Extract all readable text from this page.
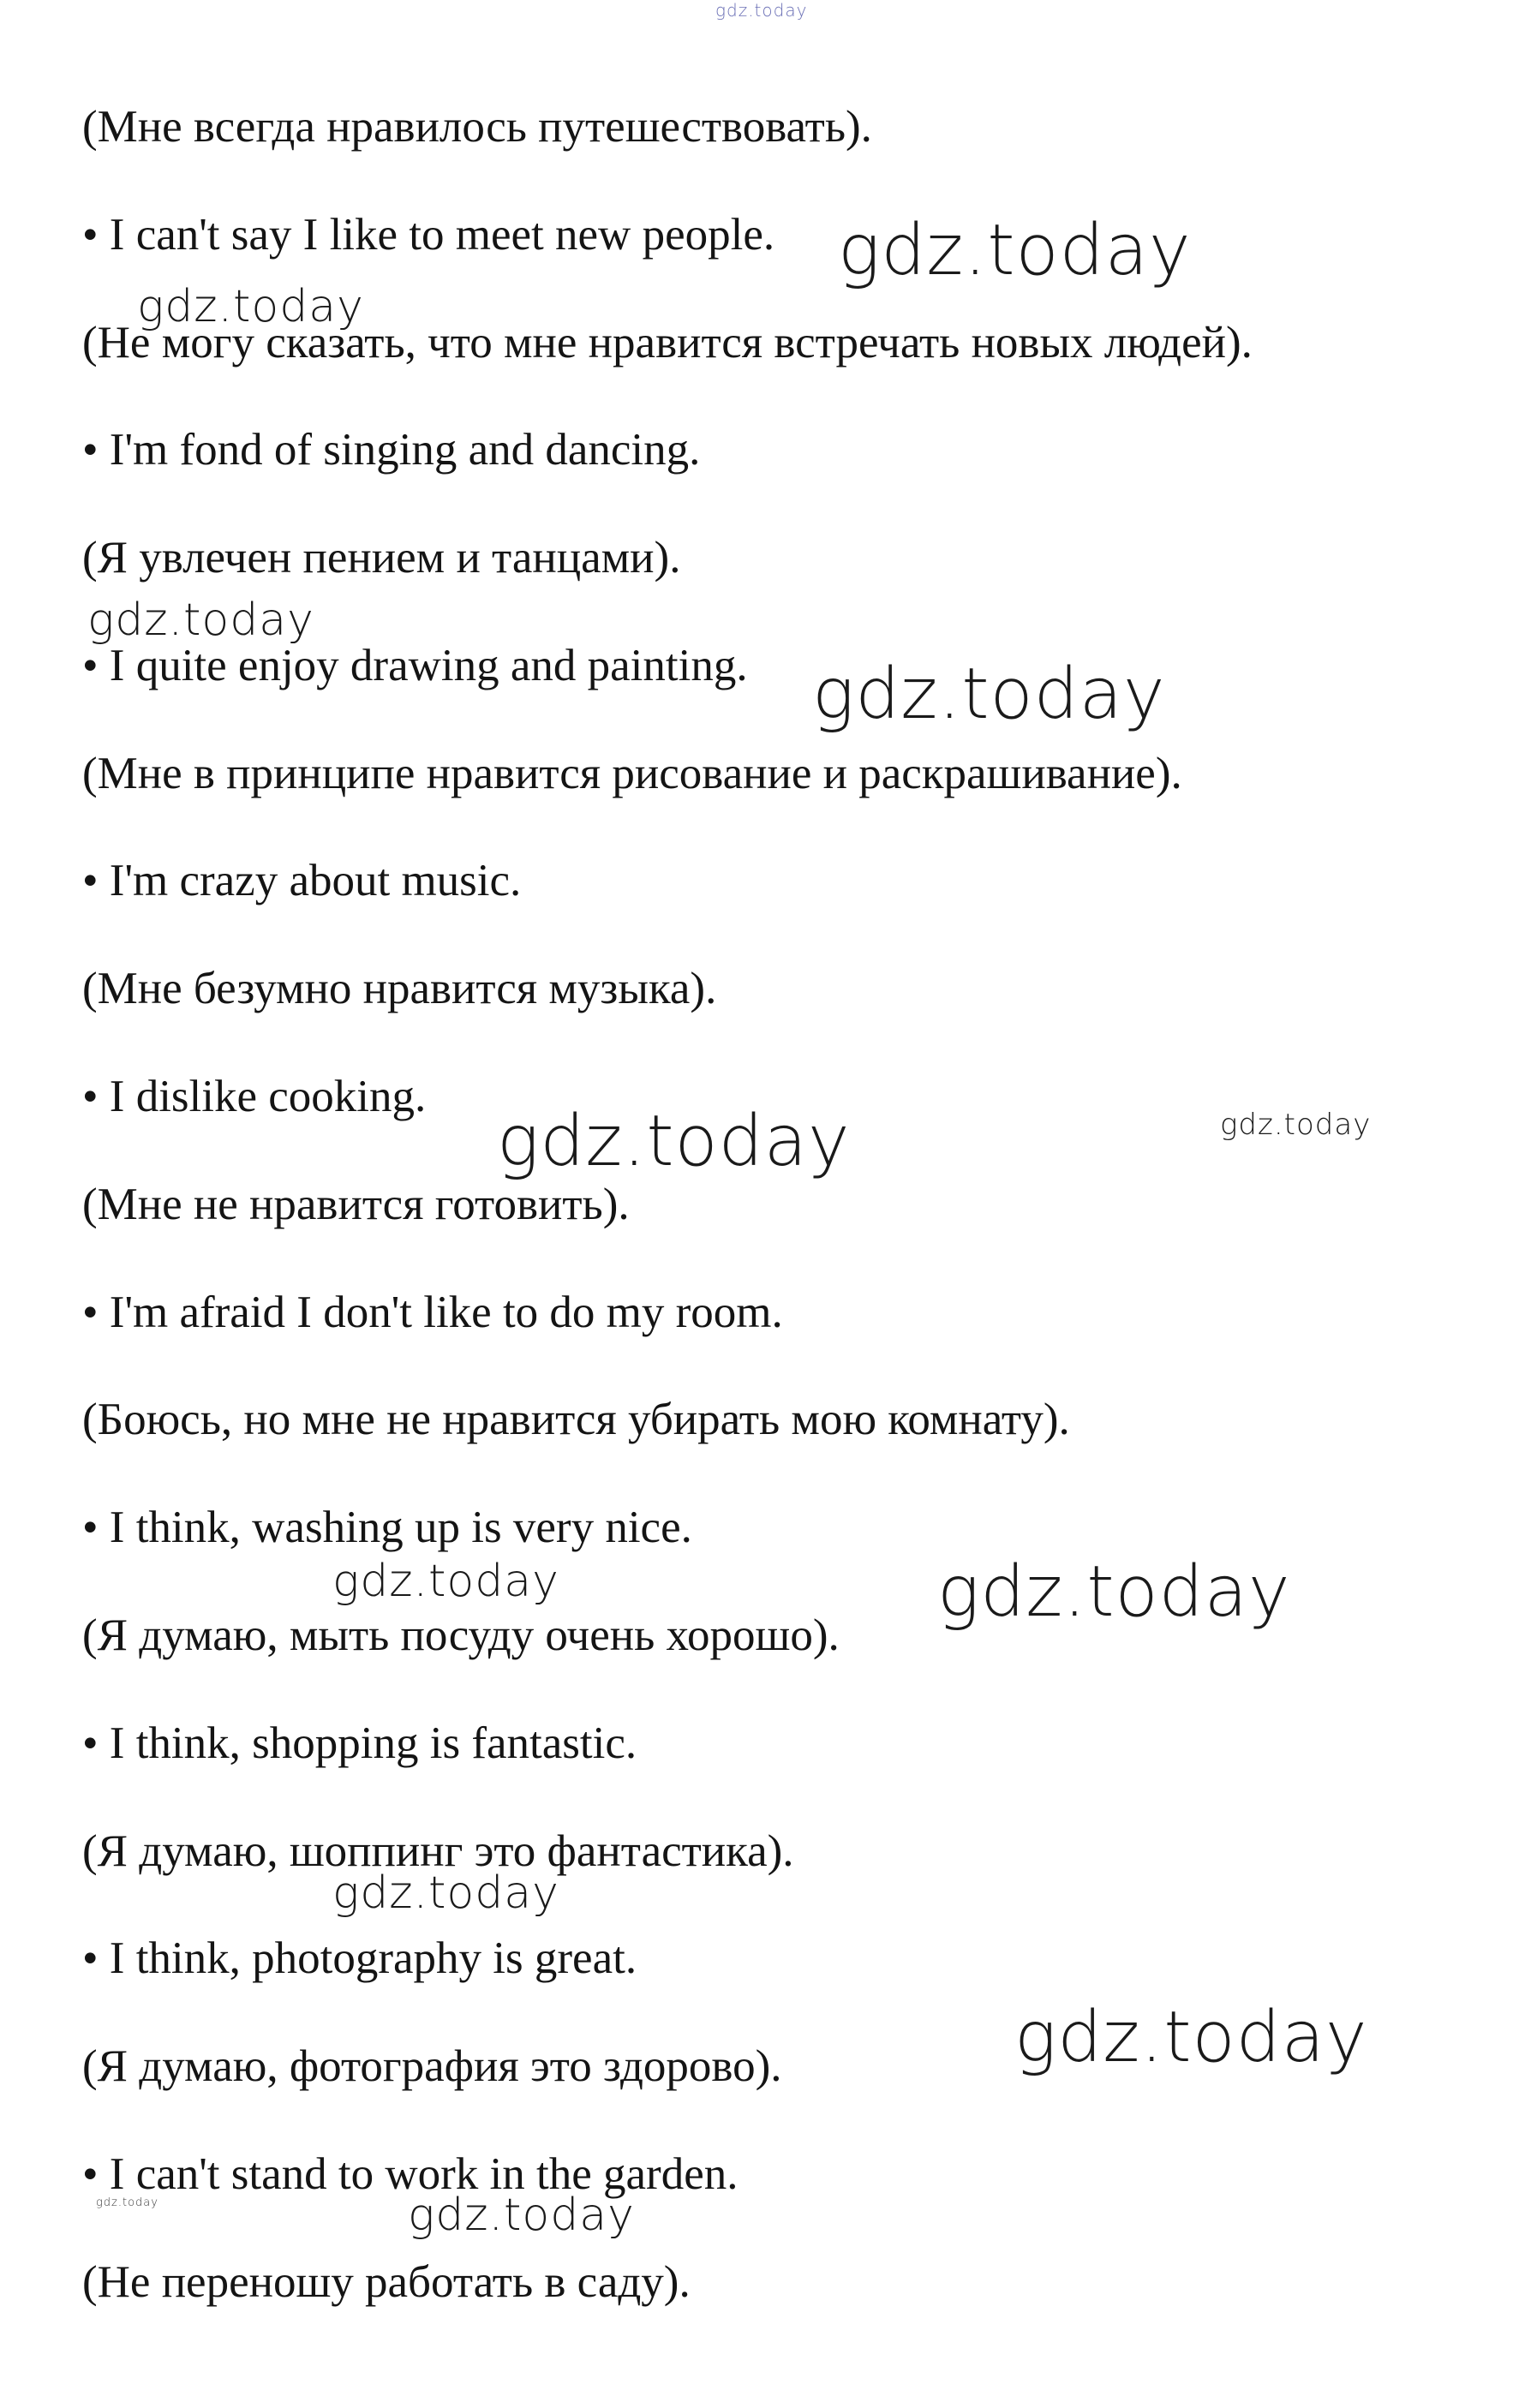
(Мне всегда нравилось путешествовать).
• I can't say I like to meet new people.
(Не могу сказать, что мне нравится встречать новых людей).
• I'm fond of singing and dancing.
(Я увлечен пением и танцами).
• I quite enjoy drawing and painting.
(Мне в принципе нравится рисование и раскрашивание).
• I'm crazy about music.
(Мне безумно нравится музыка).
• I dislike cooking.
(Мне не нравится готовить).
• I'm afraid I don't like to do my room.
(Боюсь, но мне не нравится убирать мою комнату).
• I think, washing up is very nice.
(Я думаю, мыть посуду очень хорошо).
• I think, shopping is fantastic.
(Я думаю, шоппинг это фантастика).
• I think, photography is great.
(Я думаю, фотография это здорово).
• I can't stand to work in the garden.
(Не переношу работать в саду).
gdz.today
gdz.today
gdz.today
gdz.today
gdz.today
gdz.today	gdz.today
gdz.today	gdz.today
gdz.today
gdz.today
gdz.today	gdz.today
